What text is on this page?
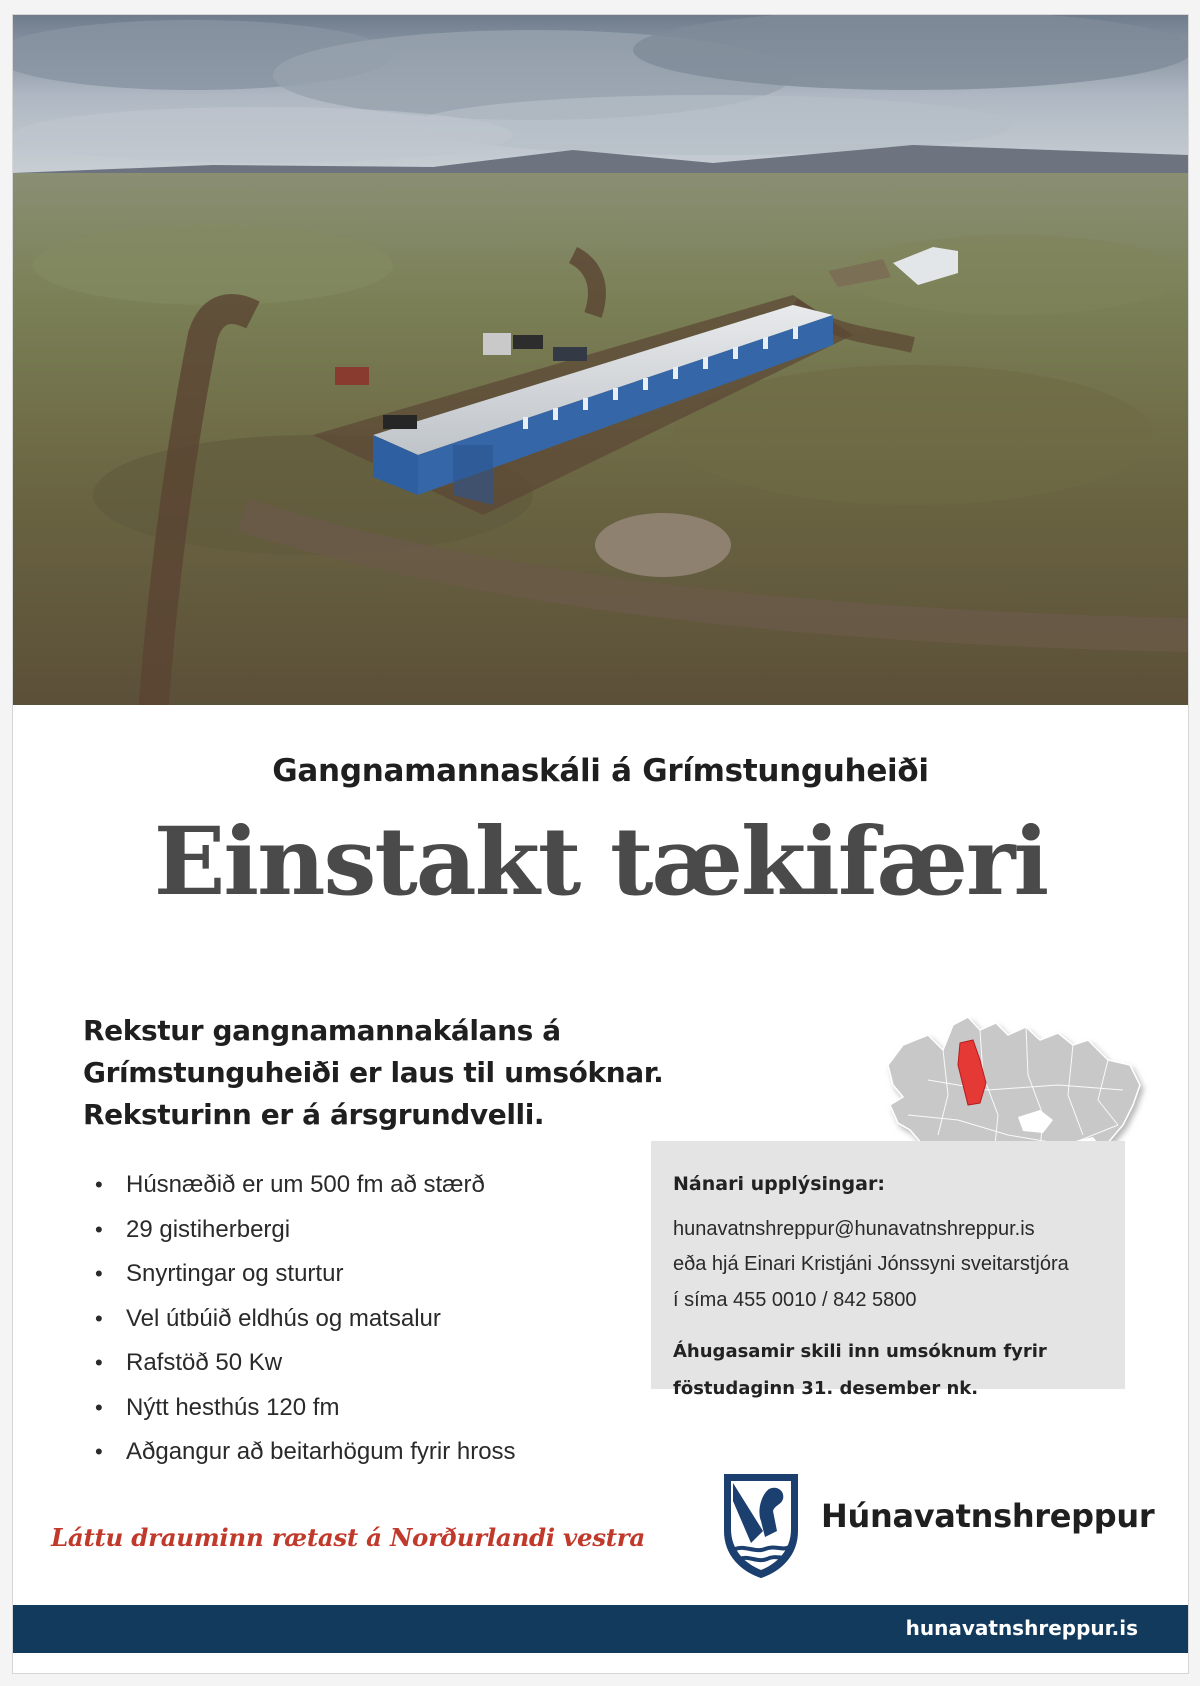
Gangnamannaskáli á Grímstunguheiði
Einstakt tækifæri
Rekstur gangnamannakálans á
Grímstunguheiði er laus til umsóknar.
Reksturinn er á ársgrundvelli.
• Húsnæðið er um 500 fm að stærð
• 29 gistiherbergi
• Snyrtingar og sturtur
• Vel útbúið eldhús og matsalur
• Rafstöð 50 Kw
• Nýtt hesthús 120 fm
• Aðgangur að beitarhögum fyrir hross
Nánari upplýsingar:
hunavatnshreppur@hunavatnshreppur.is
eða hjá Einari Kristjáni Jónssyni sveitarstjóra
í síma 455 0010 / 842 5800
Áhugasamir skili inn umsóknum fyrir
föstudaginn 31. desember nk.
Láttu drauminn rætast á Norðurlandi vestra
Húnavatnshreppur
hunavatnshreppur.is
